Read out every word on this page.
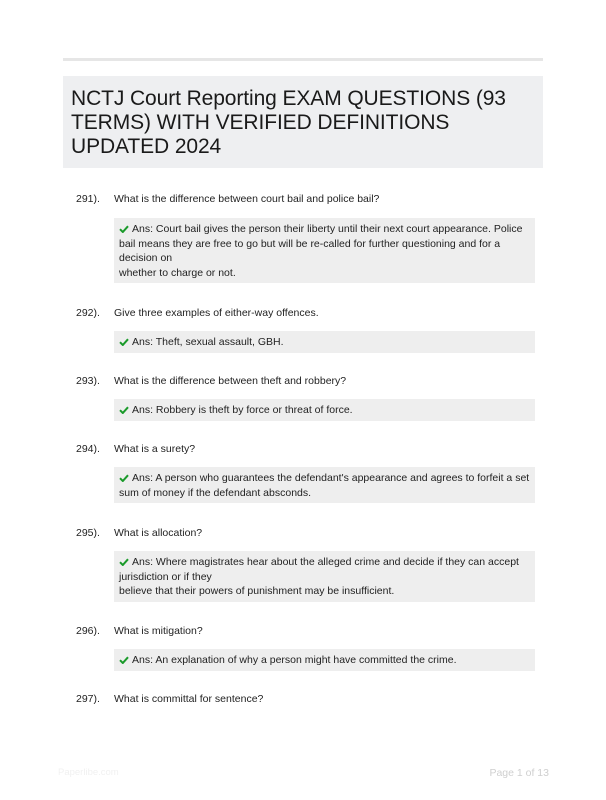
NCTJ Court Reporting EXAM QUESTIONS (93 TERMS) WITH VERIFIED DEFINITIONS UPDATED 2024
291). What is the difference between court bail and police bail?
Ans: Court bail gives the person their liberty until their next court appearance. Police bail means they are free to go but will be re-called for further questioning and for a decision on
whether to charge or not.
292). Give three examples of either-way offences.
Ans: Theft, sexual assault, GBH.
293). What is the difference between theft and robbery?
Ans: Robbery is theft by force or threat of force.
294). What is a surety?
Ans: A person who guarantees the defendant's appearance and agrees to forfeit a set sum of money if the defendant absconds.
295). What is allocation?
Ans: Where magistrates hear about the alleged crime and decide if they can accept jurisdiction or if they
believe that their powers of punishment may be insufficient.
296). What is mitigation?
Ans: An explanation of why a person might have committed the crime.
297). What is committal for sentence?
Paperlibe.com	Page 1 of 13
